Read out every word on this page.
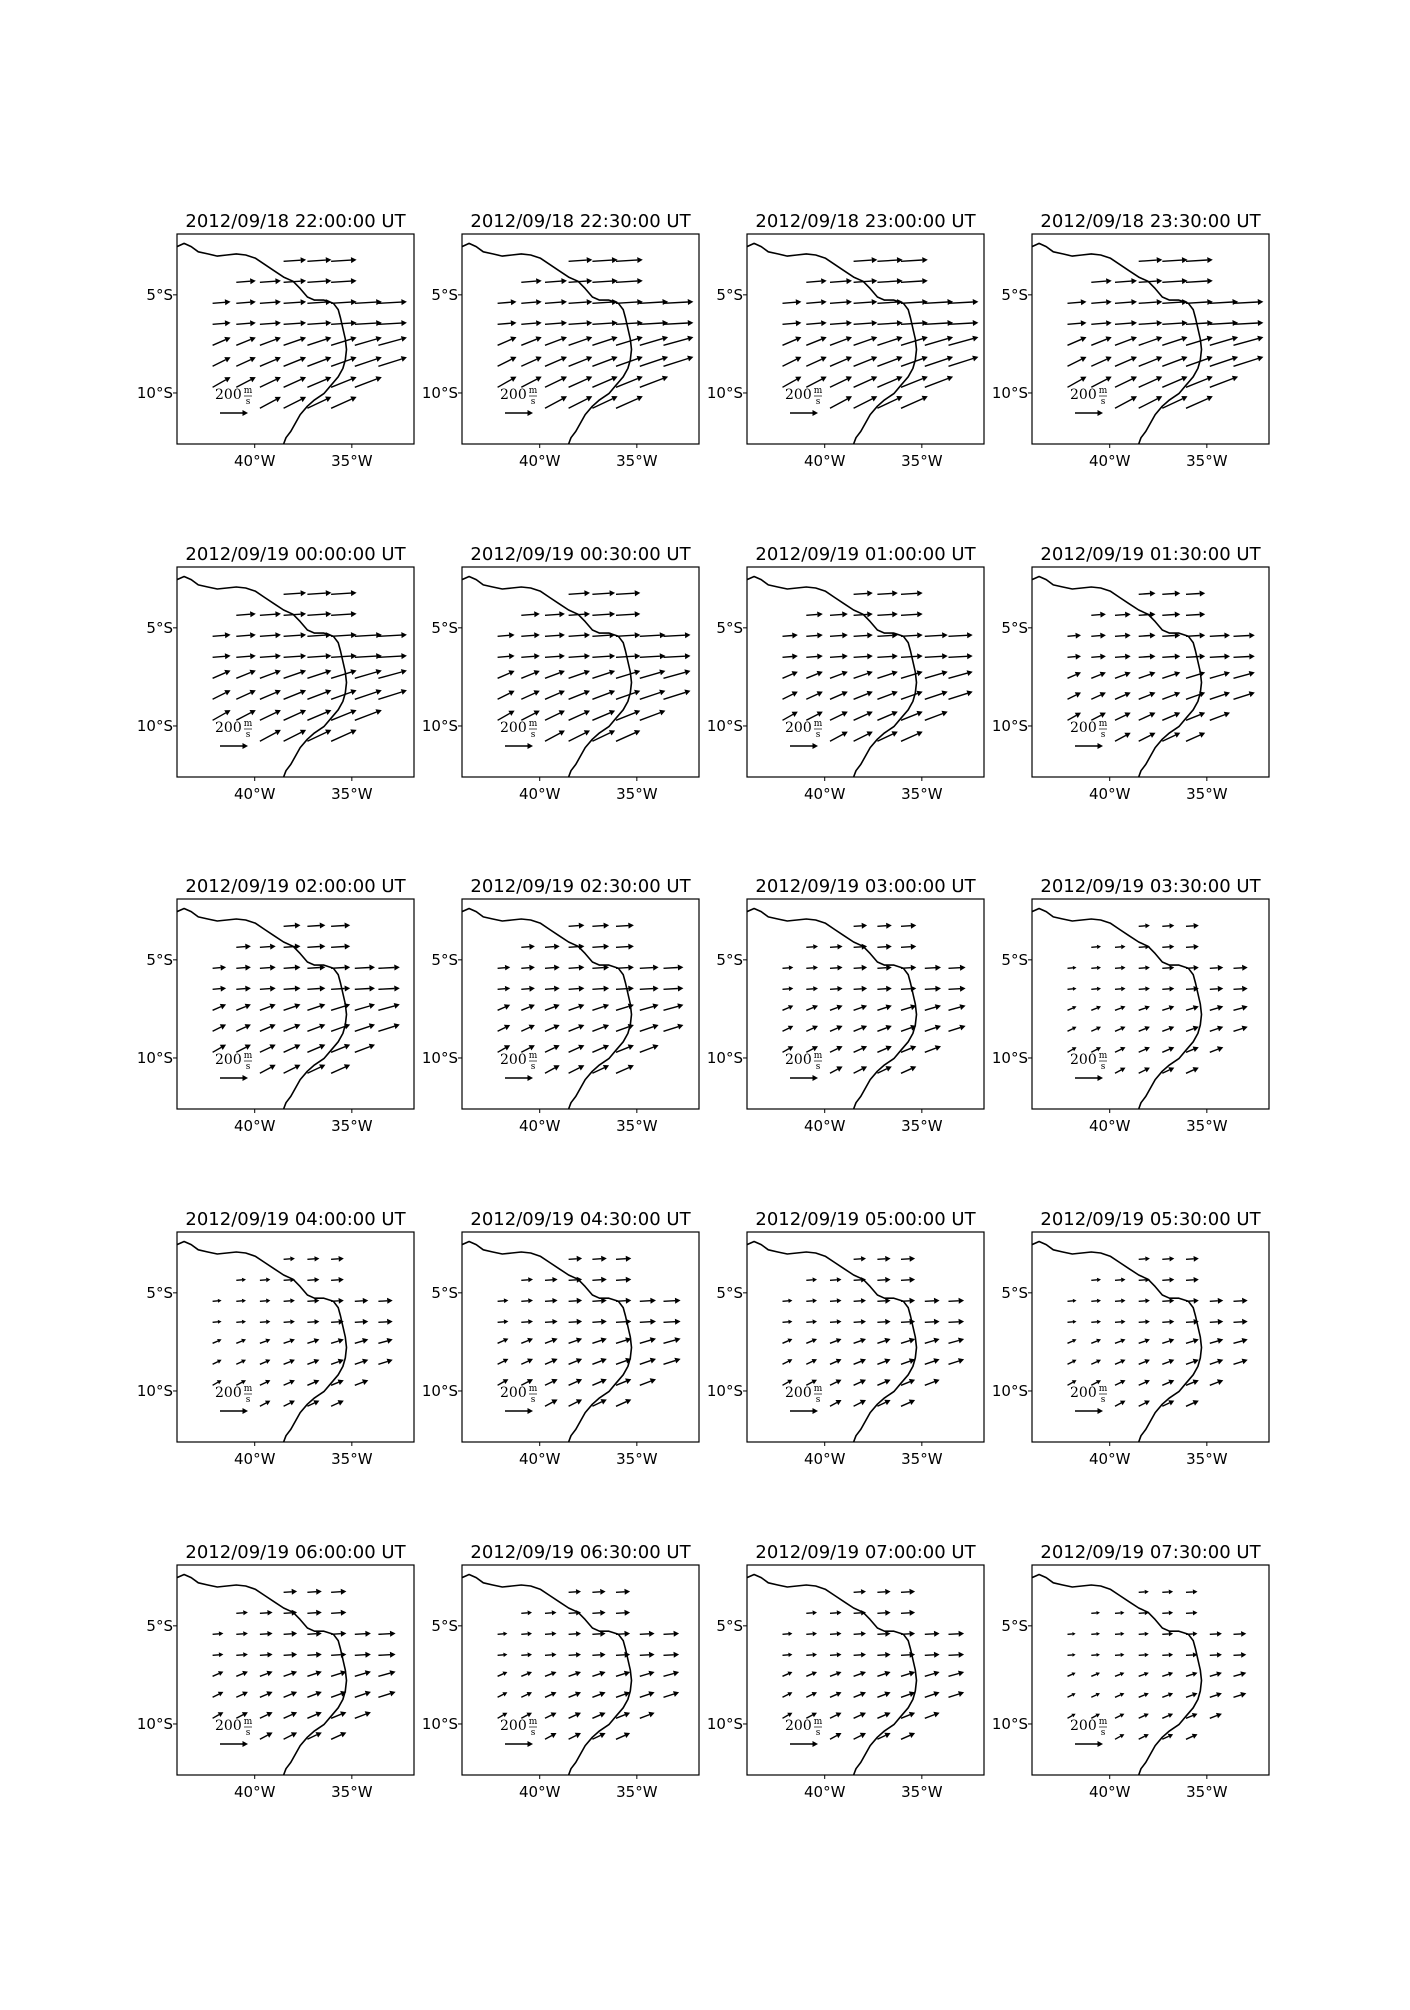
2012/09/18 22:00:00 UT
200 m
s
40°W	35°W
5°S
10°S
2012/09/18 22:30:00 UT
200 m
s
40°W	35°W
5°S
10°S
2012/09/18 23:00:00 UT
200 m
s
40°W	35°W
5°S
10°S
2012/09/18 23:30:00 UT
200 m
s
40°W	35°W
5°S
10°S
2012/09/19 00:00:00 UT
200 m
s
40°W	35°W
5°S
10°S
2012/09/19 00:30:00 UT
200 m
s
40°W	35°W
5°S
10°S
2012/09/19 01:00:00 UT
200 m
s
40°W	35°W
5°S
10°S
2012/09/19 01:30:00 UT
200 m
s
40°W	35°W
5°S
10°S
2012/09/19 02:00:00 UT
200 m
s
40°W	35°W
5°S
10°S
2012/09/19 02:30:00 UT
200 m
s
40°W	35°W
5°S
10°S
2012/09/19 03:00:00 UT
200 m
s
40°W	35°W
5°S
10°S
2012/09/19 03:30:00 UT
200 m
s
40°W	35°W
5°S
10°S
2012/09/19 04:00:00 UT
200 m
s
40°W	35°W
5°S
10°S
2012/09/19 04:30:00 UT
200 m
s
40°W	35°W
5°S
10°S
2012/09/19 05:00:00 UT
200 m
s
40°W	35°W
5°S
10°S
2012/09/19 05:30:00 UT
200 m
s
40°W	35°W
5°S
10°S
2012/09/19 06:00:00 UT
200 m
s
40°W	35°W
5°S
10°S
2012/09/19 06:30:00 UT
200 m
s
40°W	35°W
5°S
10°S
2012/09/19 07:00:00 UT
200 m
s
40°W	35°W
5°S
10°S
2012/09/19 07:30:00 UT
200 m
s
40°W	35°W
5°S
10°S
